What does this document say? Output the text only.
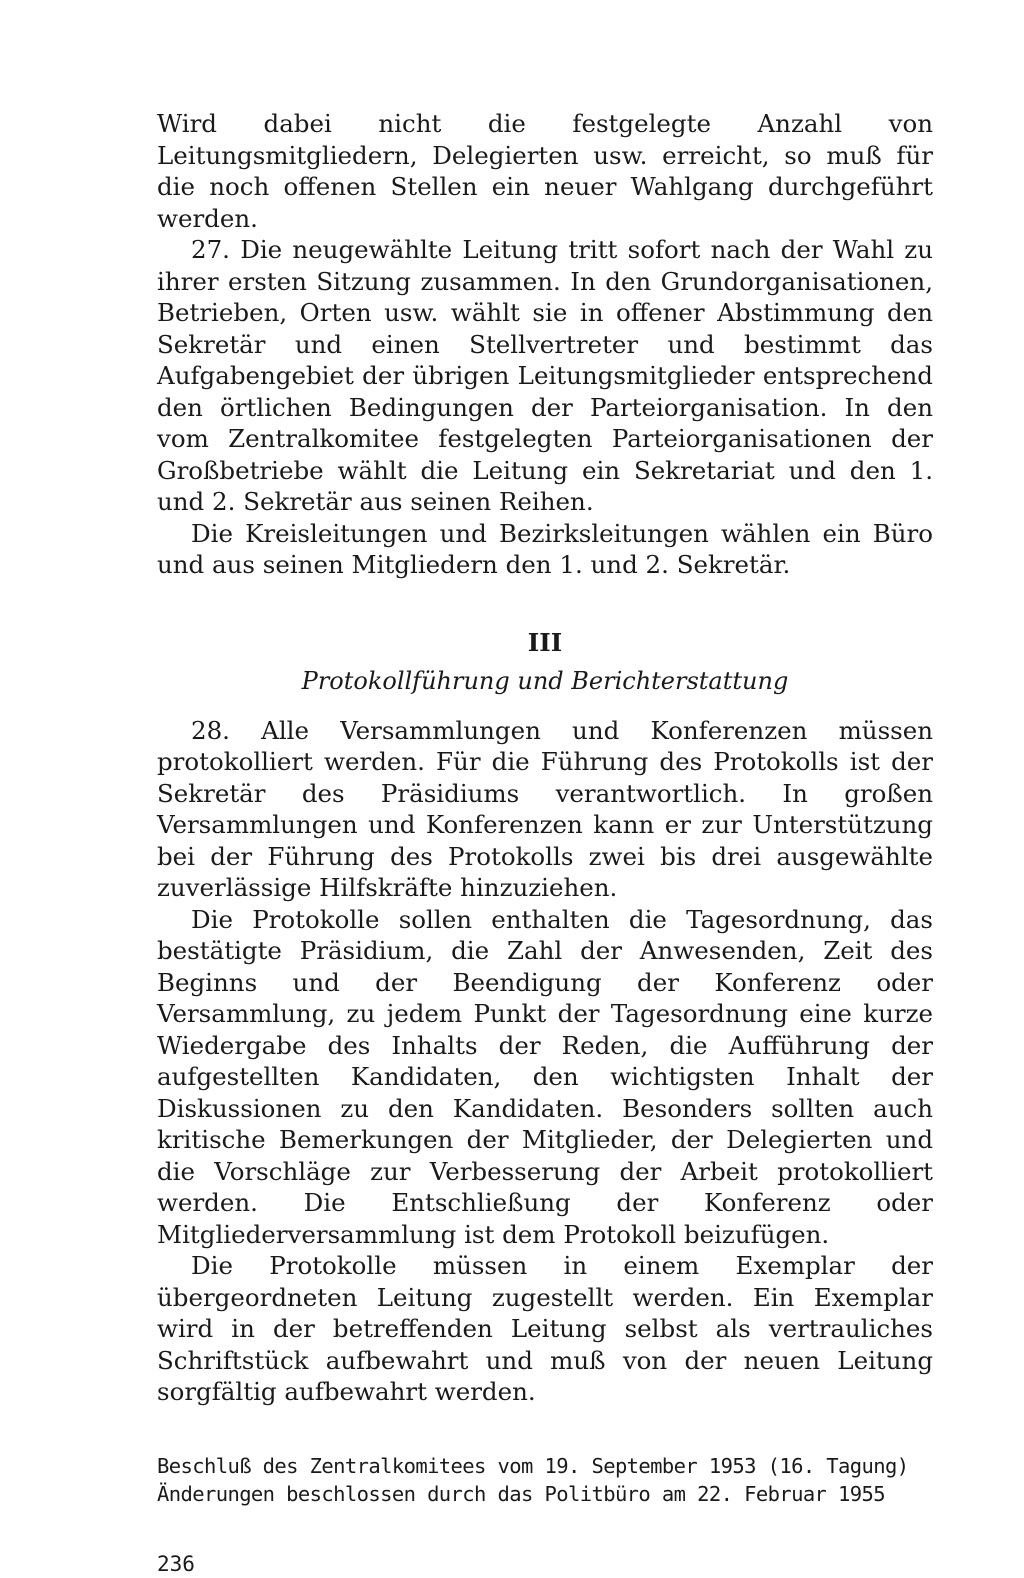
Wird dabei nicht die festgelegte Anzahl von Leitungsmitgliedern, Delegierten usw. erreicht, so muß für die noch offenen Stellen ein neuer Wahlgang durchgeführt werden.

27. Die neugewählte Leitung tritt sofort nach der Wahl zu ihrer ersten Sitzung zusammen. In den Grundorganisationen, Betrieben, Orten usw. wählt sie in offener Abstimmung den Sekretär und einen Stellvertreter und bestimmt das Aufgabengebiet der übrigen Leitungsmitglieder entsprechend den örtlichen Bedingungen der Parteiorganisation. In den vom Zentralkomitee festgelegten Parteiorganisationen der Großbetriebe wählt die Leitung ein Sekretariat und den 1. und 2. Sekretär aus seinen Reihen.

Die Kreisleitungen und Bezirksleitungen wählen ein Büro und aus seinen Mitgliedern den 1. und 2. Sekretär.

III
Protokollführung und Berichterstattung

28. Alle Versammlungen und Konferenzen müssen protokolliert werden. Für die Führung des Protokolls ist der Sekretär des Präsidiums verantwortlich. In großen Versammlungen und Konferenzen kann er zur Unterstützung bei der Führung des Protokolls zwei bis drei ausgewählte zuverlässige Hilfskräfte hinzuziehen.

Die Protokolle sollen enthalten die Tagesordnung, das bestätigte Präsidium, die Zahl der Anwesenden, Zeit des Beginns und der Beendigung der Konferenz oder Versammlung, zu jedem Punkt der Tagesordnung eine kurze Wiedergabe des Inhalts der Reden, die Aufführung der aufgestellten Kandidaten, den wichtigsten Inhalt der Diskussionen zu den Kandidaten. Besonders sollten auch kritische Bemerkungen der Mitglieder, der Delegierten und die Vorschläge zur Verbesserung der Arbeit protokolliert werden. Die Entschließung der Konferenz oder Mitgliederversammlung ist dem Protokoll beizufügen.

Die Protokolle müssen in einem Exemplar der übergeordneten Leitung zugestellt werden. Ein Exemplar wird in der betreffenden Leitung selbst als vertrauliches Schriftstück aufbewahrt und muß von der neuen Leitung sorgfältig aufbewahrt werden.

Beschluß des Zentralkomitees vom 19. September 1953 (16. Tagung)

Änderungen beschlossen durch das Politbüro am 22. Februar 1955

236
